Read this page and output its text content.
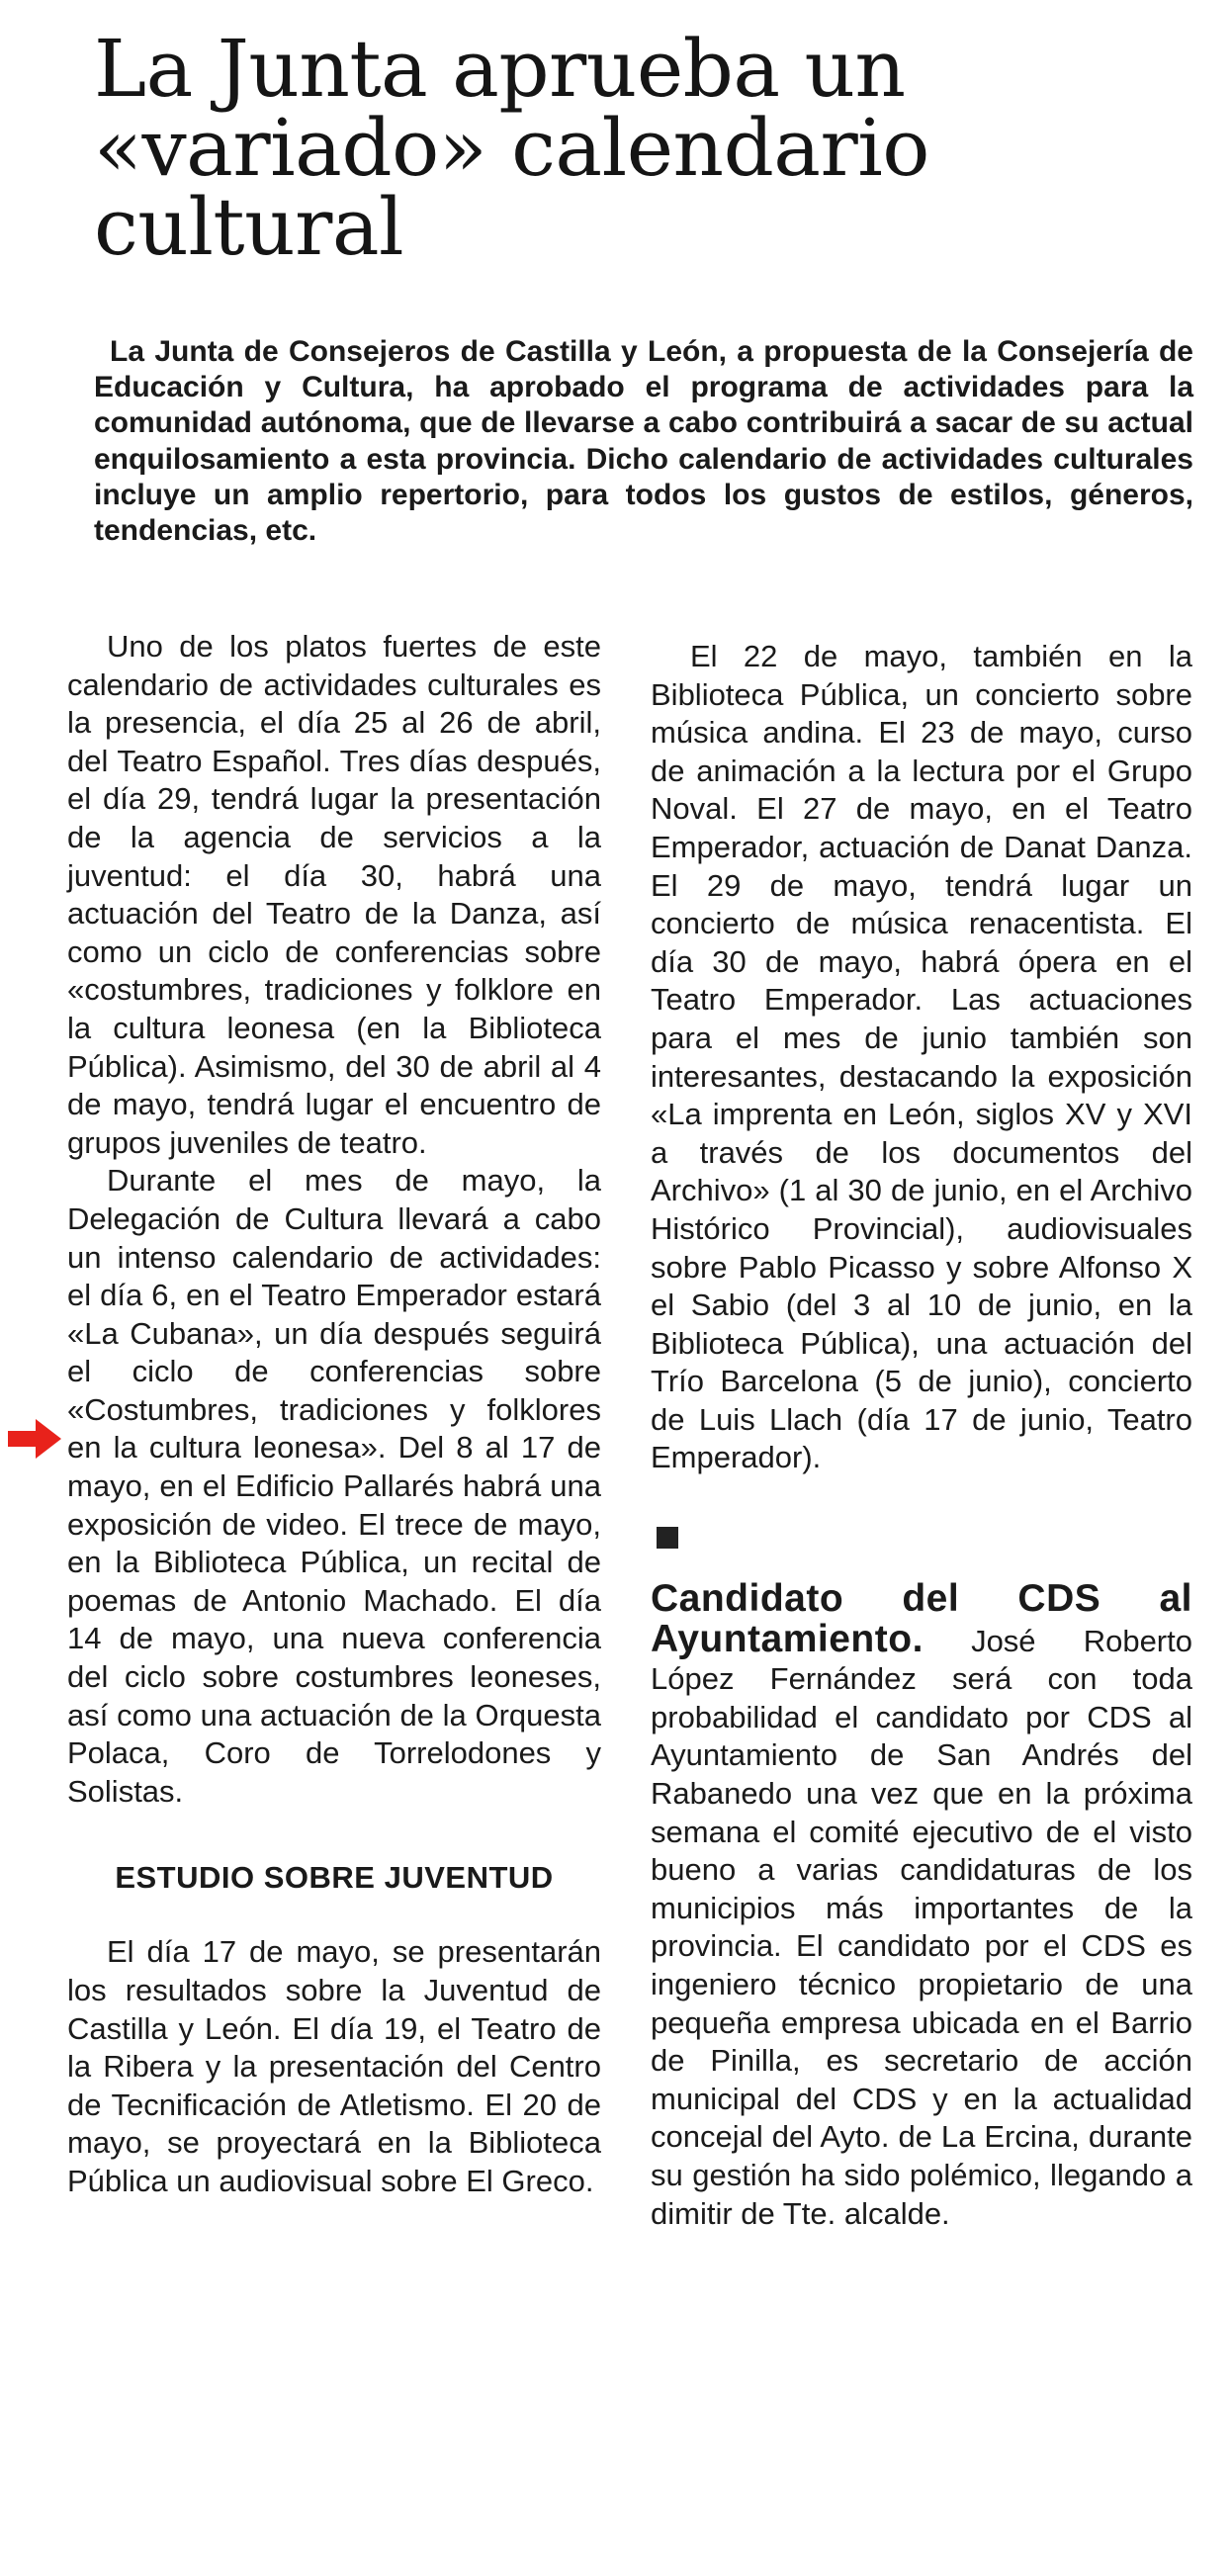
La Junta aprueba un «variado» calendario cultural

La Junta de Consejeros de Castilla y León, a propuesta de la Consejería de Educación y Cultura, ha aprobado el programa de actividades para la comunidad autónoma, que de llevarse a cabo contribuirá a sacar de su actual enquilosamiento a esta provincia. Dicho calendario de actividades culturales incluye un amplio repertorio, para todos los gustos de estilos, géneros, tendencias, etc.

Uno de los platos fuertes de este calendario de actividades culturales es la presencia, el día 25 al 26 de abril, del Teatro Español. Tres días después, el día 29, tendrá lugar la presentación de la agencia de servicios a la juventud: el día 30, habrá una actuación del Teatro de la Danza, así como un ciclo de conferencias sobre «costumbres, tradiciones y folklore en la cultura leonesa (en la Biblioteca Pública). Asimismo, del 30 de abril al 4 de mayo, tendrá lugar el encuentro de grupos juveniles de teatro.

Durante el mes de mayo, la Delegación de Cultura llevará a cabo un intenso calendario de actividades: el día 6, en el Teatro Emperador estará «La Cubana», un día después seguirá el ciclo de conferencias sobre «Costumbres, tradiciones y folklores en la cultura leonesa». Del 8 al 17 de mayo, en el Edificio Pallarés habrá una exposición de video. El trece de mayo, en la Biblioteca Pública, un recital de poemas de Antonio Machado. El día 14 de mayo, una nueva conferencia del ciclo sobre costumbres leoneses, así como una actuación de la Orquesta Polaca, Coro de Torrelodones y Solistas.

ESTUDIO SOBRE JUVENTUD

El día 17 de mayo, se presentarán los resultados sobre la Juventud de Castilla y León. El día 19, el Teatro de la Ribera y la presentación del Centro de Tecnificación de Atletismo. El 20 de mayo, se proyectará en la Biblioteca Pública un audiovisual sobre El Greco.

El 22 de mayo, también en la Biblioteca Pública, un concierto sobre música andina. El 23 de mayo, curso de animación a la lectura por el Grupo Noval. El 27 de mayo, en el Teatro Emperador, actuación de Danat Danza. El 29 de mayo, tendrá lugar un concierto de música renacentista. El día 30 de mayo, habrá ópera en el Teatro Emperador. Las actuaciones para el mes de junio también son interesantes, destacando la exposición «La imprenta en León, siglos XV y XVI a través de los documentos del Archivo» (1 al 30 de junio, en el Archivo Histórico Provincial), audiovisuales sobre Pablo Picasso y sobre Alfonso X el Sabio (del 3 al 10 de junio, en la Biblioteca Pública), una actuación del Trío Barcelona (5 de junio), concierto de Luis Llach (día 17 de junio, Teatro Emperador).

Candidato del CDS al Ayuntamiento. José Roberto López Fernández será con toda probabilidad el candidato por CDS al Ayuntamiento de San Andrés del Rabanedo una vez que en la próxima semana el comité ejecutivo de el visto bueno a varias candidaturas de los municipios más importantes de la provincia. El candidato por el CDS es ingeniero técnico propietario de una pequeña empresa ubicada en el Barrio de Pinilla, es secretario de acción municipal del CDS y en la actualidad concejal del Ayto. de La Ercina, durante su gestión ha sido polémico, llegando a dimitir de Tte. alcalde.
